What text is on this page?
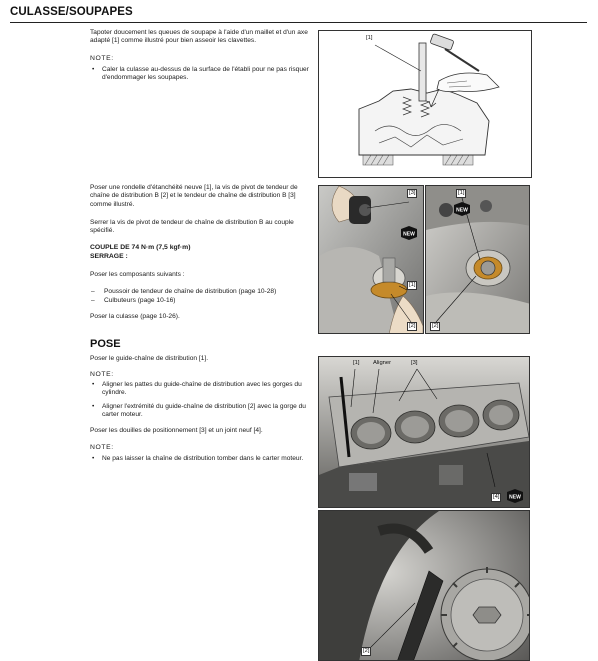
CULASSE/SOUPAPES
Tapoter doucement les queues de soupape à l'aide d'un maillet et d'un axe adapté [1] comme illustré pour bien asseoir les clavettes.
NOTE:
• Caler la culasse au-dessus de la surface de l'établi pour ne pas risquer d'endommager les soupapes.
[1]
Poser une rondelle d'étanchéité neuve [1], la vis de pivot de tendeur de chaîne de distribution B [2] et le tendeur de chaîne de distribution B [3] comme illustré.
Serrer la vis de pivot de tendeur de chaîne de distribution B au couple spécifié.
COUPLE DE 74 N·m (7,5 kgf·m)
SERRAGE :
Poser les composants suivants :
– Poussoir de tendeur de chaîne de distribution (page 10-28)
– Culbuteurs (page 10-16)
Poser la culasse (page 10-26).
[3]
[1]
[2]
NEW
[1]
[2]
NEW
POSE
Poser le guide-chaîne de distribution [1].
NOTE:
• Aligner les pattes du guide-chaîne de distribution avec les gorges du cylindre.
• Aligner l'extrémité du guide-chaîne de distribution [2] avec la gorge du carter moteur.
Poser les douilles de positionnement [3] et un joint neuf [4].
NOTE:
• Ne pas laisser la chaîne de distribution tomber dans le carter moteur.
[1] Aligner	[3]
[4]	NEW
[2]
